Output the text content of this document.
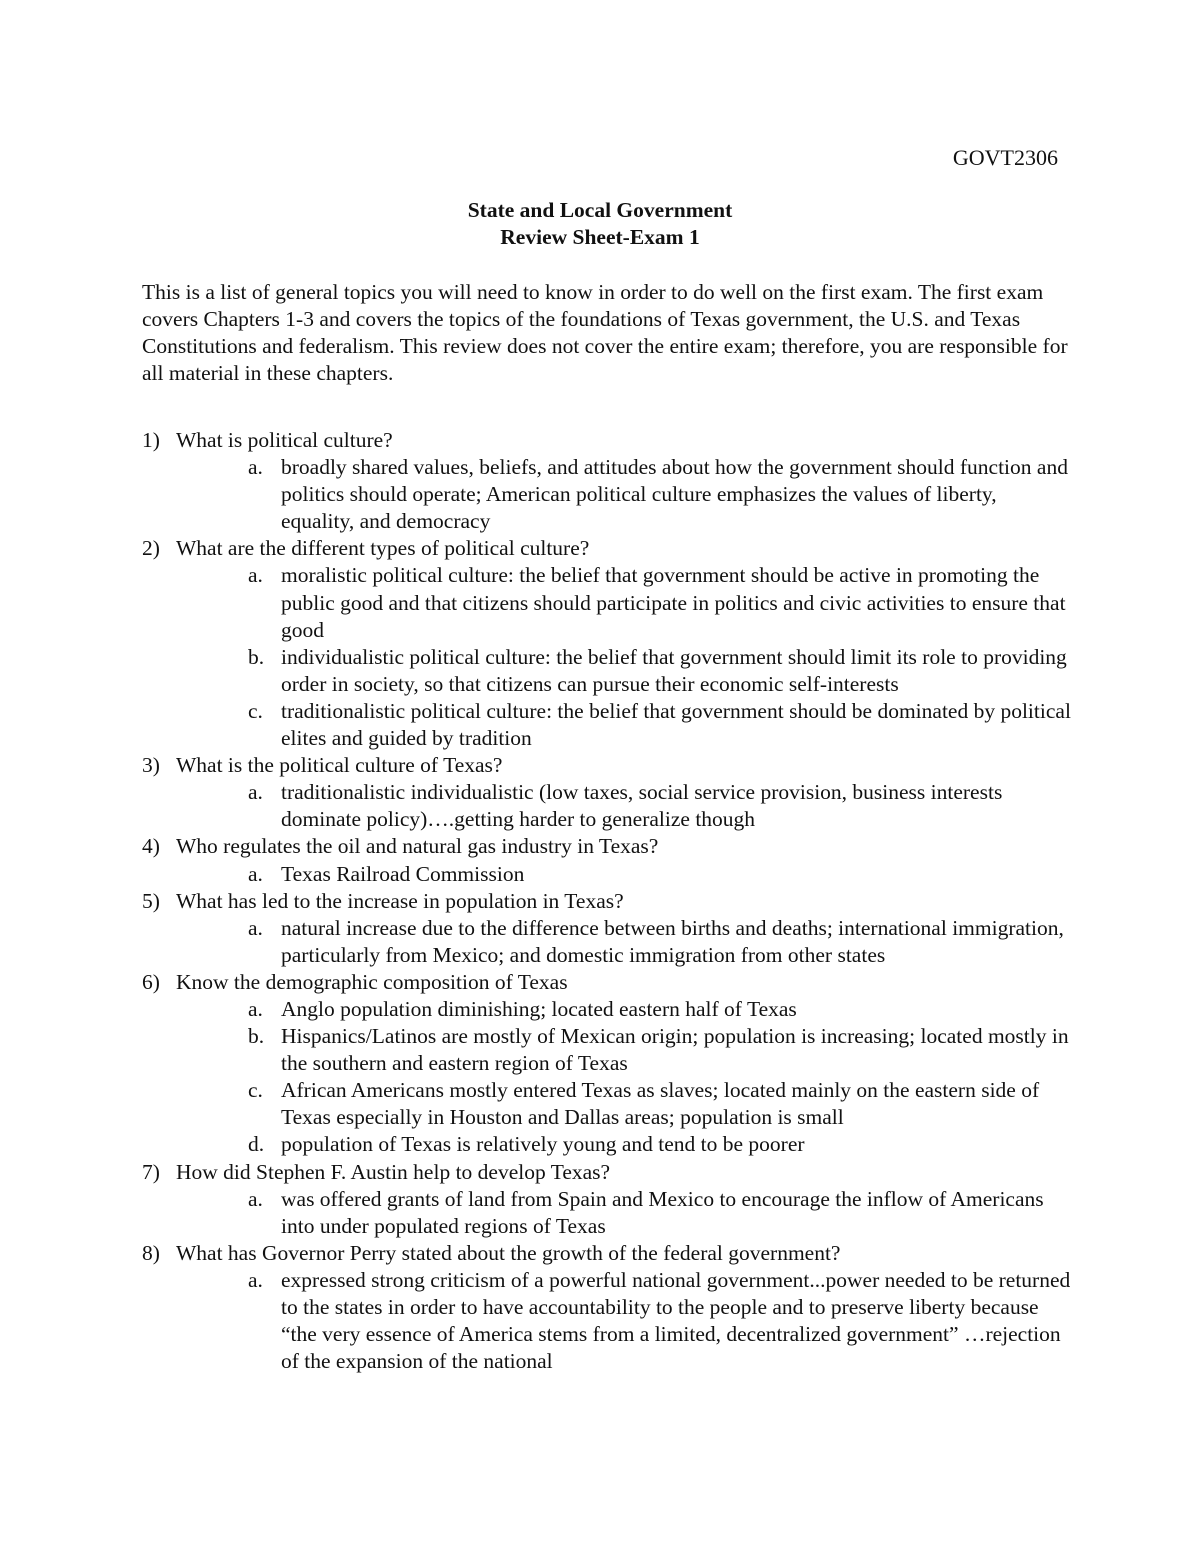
GOVT2306
State and Local Government
Review Sheet-Exam 1

This is a list of general topics you will need to know in order to do well on the first exam. The first exam covers Chapters 1-3 and covers the topics of the foundations of Texas government, the U.S. and Texas Constitutions and federalism. This review does not cover the entire exam; therefore, you are responsible for all material in these chapters.

1) What is political culture?
a. broadly shared values, beliefs, and attitudes about how the government should function and politics should operate; American political culture emphasizes the values of liberty, equality, and democracy
2) What are the different types of political culture?
a. moralistic political culture: the belief that government should be active in promoting the public good and that citizens should participate in politics and civic activities to ensure that good
b. individualistic political culture: the belief that government should limit its role to providing order in society, so that citizens can pursue their economic self-interests
c. traditionalistic political culture: the belief that government should be dominated by political elites and guided by tradition
3) What is the political culture of Texas?
a. traditionalistic individualistic (low taxes, social service provision, business interests dominate policy)….getting harder to generalize though
4) Who regulates the oil and natural gas industry in Texas?
a. Texas Railroad Commission
5) What has led to the increase in population in Texas?
a. natural increase due to the difference between births and deaths; international immigration, particularly from Mexico; and domestic immigration from other states
6) Know the demographic composition of Texas
a. Anglo population diminishing; located eastern half of Texas
b. Hispanics/Latinos are mostly of Mexican origin; population is increasing; located mostly in the southern and eastern region of Texas
c. African Americans mostly entered Texas as slaves; located mainly on the eastern side of Texas especially in Houston and Dallas areas; population is small
d. population of Texas is relatively young and tend to be poorer
7) How did Stephen F. Austin help to develop Texas?
a. was offered grants of land from Spain and Mexico to encourage the inflow of Americans into under populated regions of Texas
8) What has Governor Perry stated about the growth of the federal government?
a. expressed strong criticism of a powerful national government...power needed to be returned to the states in order to have accountability to the people and to preserve liberty because “the very essence of America stems from a limited, decentralized government” …rejection of the expansion of the national
